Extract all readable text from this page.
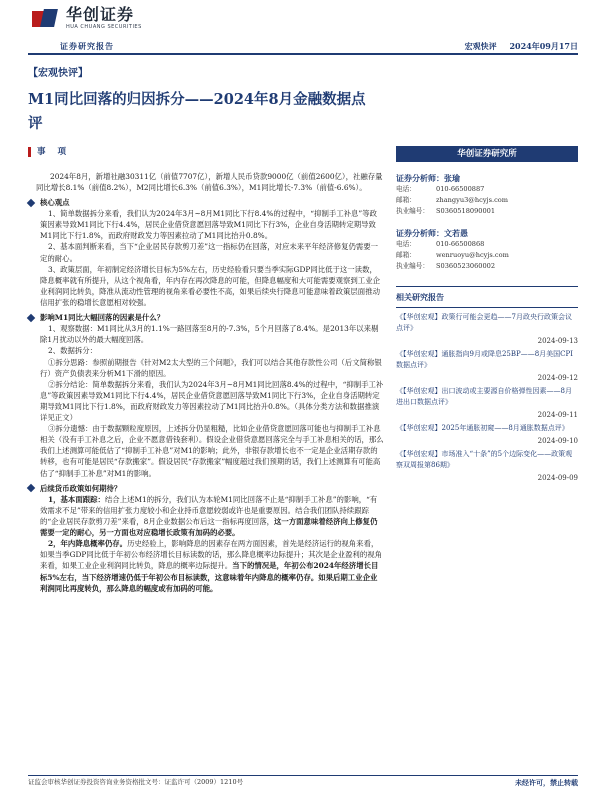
华创证券
HUA CHUANG SECURITIES
证券研究报告	宏观快评 2024年09月17日
【宏观快评】
M1同比回落的归因拆分——2024年8月金融数据点评
事项
2024年8月，新增社融30311亿（前值7707亿），新增人民币贷款9000亿（前值2600亿），社融存量同比增长8.1%（前值8.2%），M2同比增长6.3%（前值6.3%），M1同比增长-7.3%（前值-6.6%）。
核心观点
1、简单数据拆分来看，我们认为2024年3月~8月M1同比下行8.4%的过程中，“抑制手工补息”等政策因素导致M1同比下行4.4%，居民企业借贷意愿回落导致M1同比下行3%，企业自身活期转定期导致M1同比下行1.8%，而政府财政发力等因素拉动了M1同比抬升0.8%。
2、基本面判断来看，当下“企业居民存款剪刀差”这一指标仍在回落，对应未来平年经济修复仍需要一定的耐心。
3、政策层面，年初制定经济增长目标为5%左右，历史经验看只要当季实际GDP同比低于这一读数，降息概率就有所提升，从这个视角看，年内存在再次降息的可能，但降息幅度和大可能需要观察到工业企业利润同比转负，降准从流动性管理的视角来看必要性不高，如果后续央行降息可能意味着政策层面推动信用扩张的稳增长意愿相对较强。
影响M1同比大幅回落的因素是什么？
1、观察数据：M1同比从3月的1.1%一路回落至8月的-7.3%，5个月回落了8.4%。是2013年以来剔除1月扰动以外的最大幅度回落。
2、数据拆分：
①拆分思路：参照前期报告《针对M2太大型的三个问题》，我们可以结合其他存款性公司（后文简称银行）资产负债表来分析M1下滑的原因。
②拆分结论：简单数据拆分来看，我们认为2024年3月~8月M1同比回落8.4%的过程中，“抑制手工补息”等政策因素导致M1同比下行4.4%，居民企业借贷意愿回落导致M1同比下行3%，企业自身活期转定期导致M1同比下行1.8%，而政府财政发力等因素拉动了M1同比抬升0.8%。（具体分类方法和数据推演详见正文）
③拆分遗憾：由于数据颗粒度原因，上述拆分仍显粗糙，比如企业借贷意愿回落可能也与抑制手工补息相关（没有手工补息之后，企业不愿意借钱套利）。假设企业借贷意愿回落完全与手工补息相关的话，那么我们上述测算可能低估了“抑制手工补息”对M1的影响；此外，非银存款增长也不一定是企业活期存款的转移，也有可能是居民“存款搬家”。假设居民“存款搬家”幅度超过我们预期的话，我们上述测算有可能高估了“抑制手工补息”对M1的影响。
后续货币政策如何期待？
1，基本面跟踪：结合上述M1的拆分，我们认为本轮M1同比回落不止是“抑制手工补息”的影响，“有效需求不足”带来的信用扩张力度较小和企业持币意愿较弱或许也是重要原因。结合我们团队持续跟踪的“企业居民存款剪刀差”来看，8月企业数据公布后这一指标再度回落，这一方面意味着经济向上修复仍需要一定的耐心，另一方面也对应稳增长政策有加码的必要。
2，年内降息概率仍存。历史经验上，影响降息的因素存在两方面因素，首先是经济运行的视角来看，如果当季GDP同比低于年初公布经济增长目标读数的话，那么降息概率边际提升；其次是企业盈利的视角来看，如果工业企业利润同比转负，降息的概率边际提升。当下的情况是，年初公布2024年经济增长目标5%左右，当下经济增速仍低于年初公布目标读数，这意味着年内降息的概率仍存。如果后期工业企业利润同比再度转负，那么降息的幅度或有加码的可能。
华创证券研究所
证券分析师：张瑜
电话：	010-66500887
邮箱：	zhangyu3@hcyjs.com
执业编号： S0360518090001
证券分析师：文若愚
电话：	010-66500868
邮箱：	wenruoyu@hcyjs.com
执业编号： S0360523060002
相关研究报告
《【华创宏观】政策行可能会更趋——7月政央行政策会议点评》
2024-09-13
《【华创宏观】通胀指向9月或降息25BP——8月美国CPI数据点评》
2024-09-12
《【华创宏观】出口波动或主要源自价格弹性因素——8月进出口数据点评》
2024-09-11
《【华创宏观】2025年通胀初窥——8月通胀数据点评》
2024-09-10
《【华创宏观】市场准入“十条”的5个边际变化——政策观察双周报第86期》
2024-09-09
证监会审核华创证券投资咨询业务资格批文号：证监许可（2009）1210号	未经许可，禁止转载
